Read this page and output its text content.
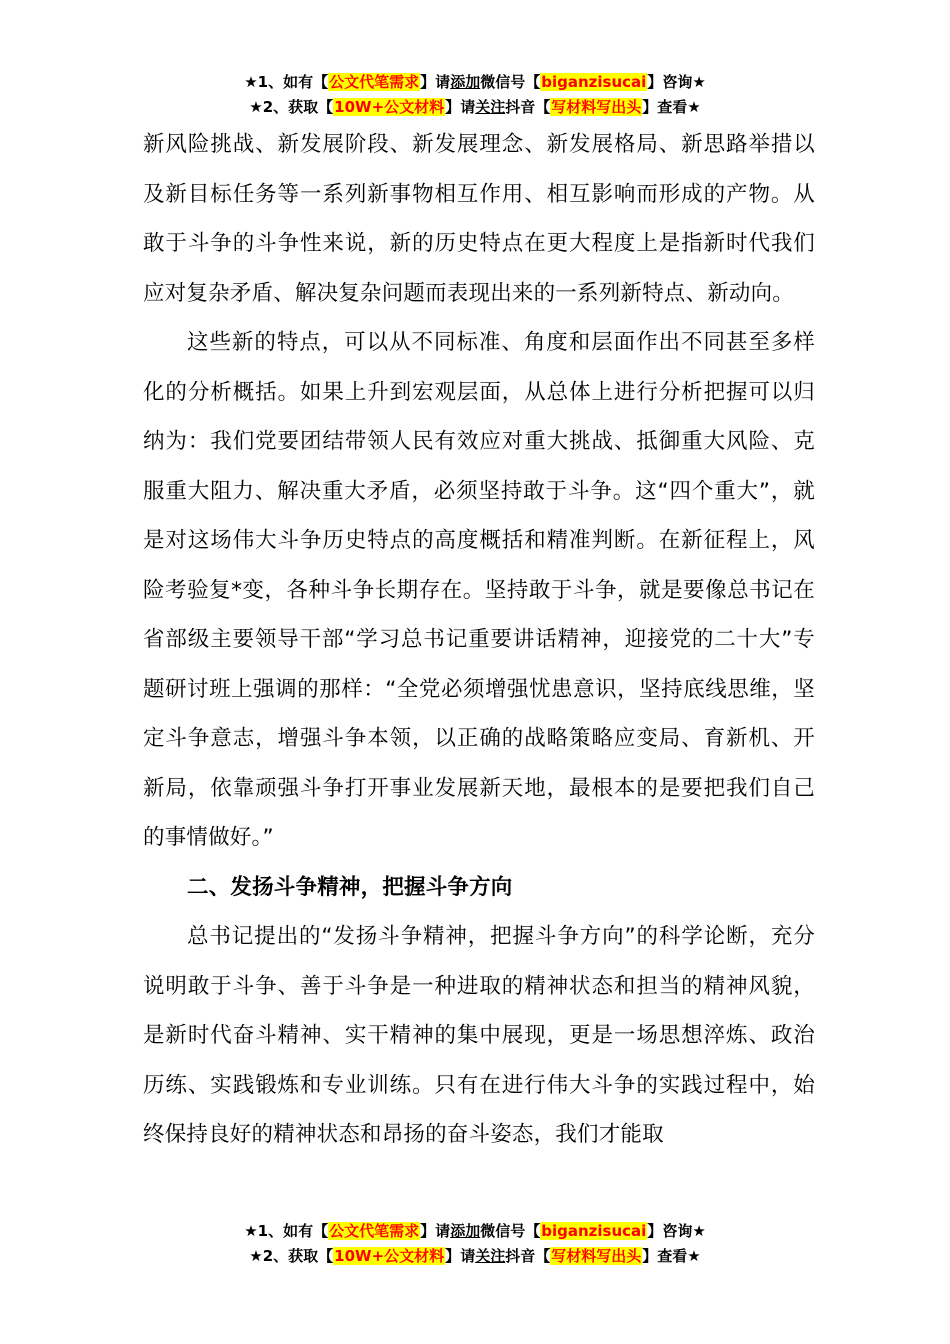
★1、如有【公文代笔需求】请添加微信号【biganzisucai】咨询★
★2、获取【10W+公文材料】请关注抖音【写材料写出头】查看★

新风险挑战、新发展阶段、新发展理念、新发展格局、新思路举措以及新目标任务等一系列新事物相互作用、相互影响而形成的产物。从敢于斗争的斗争性来说，新的历史特点在更大程度上是指新时代我们应对复杂矛盾、解决复杂问题而表现出来的一系列新特点、新动向。

这些新的特点，可以从不同标准、角度和层面作出不同甚至多样化的分析概括。如果上升到宏观层面，从总体上进行分析把握可以归纳为：我们党要团结带领人民有效应对重大挑战、抵御重大风险、克服重大阻力、解决重大矛盾，必须坚持敢于斗争。这“四个重大”，就是对这场伟大斗争历史特点的高度概括和精准判断。在新征程上，风险考验复*变，各种斗争长期存在。坚持敢于斗争，就是要像总书记在省部级主要领导干部“学习总书记重要讲话精神，迎接党的二十大”专题研讨班上强调的那样：“全党必须增强忧患意识，坚持底线思维，坚定斗争意志，增强斗争本领，以正确的战略策略应变局、育新机、开新局，依靠顽强斗争打开事业发展新天地，最根本的是要把我们自己的事情做好。”

二、发扬斗争精神，把握斗争方向

总书记提出的“发扬斗争精神，把握斗争方向”的科学论断，充分说明敢于斗争、善于斗争是一种进取的精神状态和担当的精神风貌，是新时代奋斗精神、实干精神的集中展现，更是一场思想淬炼、政治历练、实践锻炼和专业训练。只有在进行伟大斗争的实践过程中，始终保持良好的精神状态和昂扬的奋斗姿态，我们才能取

★1、如有【公文代笔需求】请添加微信号【biganzisucai】咨询★
★2、获取【10W+公文材料】请关注抖音【写材料写出头】查看★
